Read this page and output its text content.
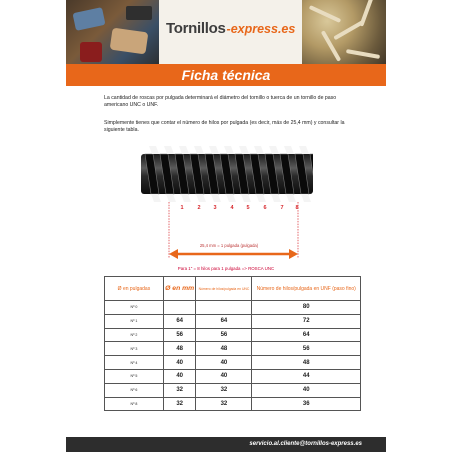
Tornillos -express.es
Ficha técnica
La cantidad de roscas por pulgada determinará el diámetro del tornillo o tuerca de un tornillo de paso americano UNC o UNF.
Simplemente tienes que contar el número de hilos por pulgada (es decir, más de 25,4 mm) y consultar la siguiente tabla.
1	2	3	4	5	6	7	8
25,4 mm = 1 pulgada (pulgada)
Para 1" = 8 hilos para 1 pulgada => ROSCA UNC
Ø en pulgadas	Ø en mm	Número de hilos/pulgada en UNC	Número de hilos/pulgada en UNF (paso fino)
Nº 0			80
Nº 1	64	64	72
Nº 2	56	56	64
Nº 3	48	48	56
Nº 4	40	40	48
Nº 5	40	40	44
Nº 6	32	32	40
Nº 8	32	32	36
servicio.al.cliente@tornillos-express.es
